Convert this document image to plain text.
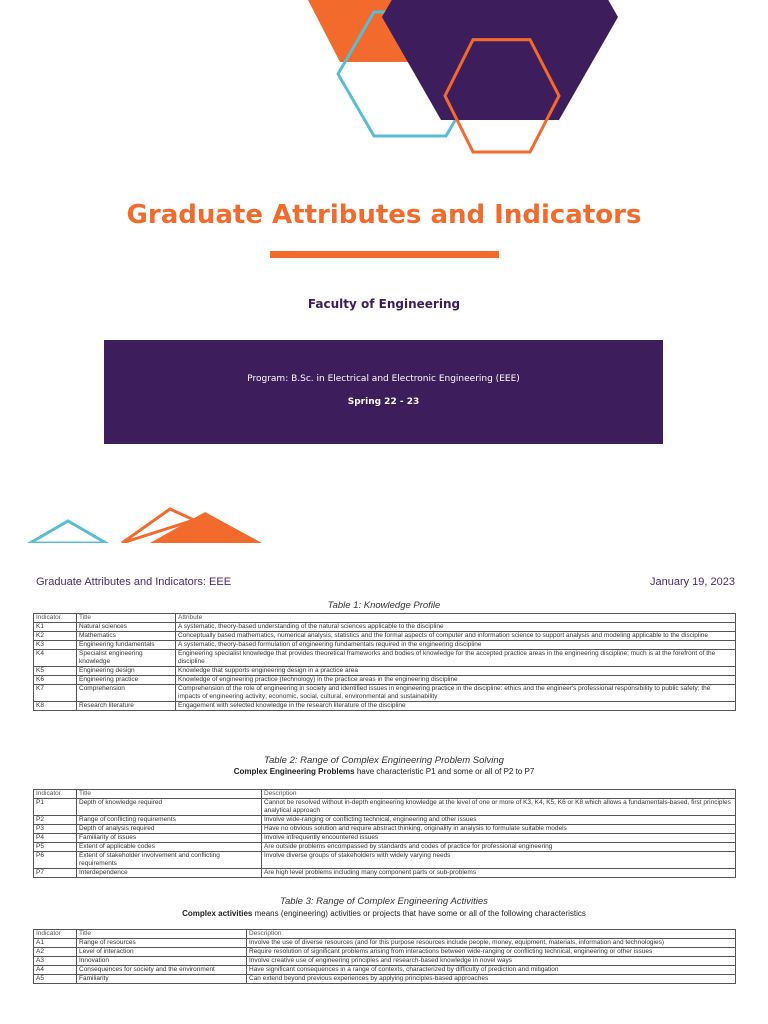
Graduate Attributes and Indicators
Faculty of Engineering
Program: B.Sc. in Electrical and Electronic Engineering (EEE)
Spring 22 - 23
Graduate Attributes and Indicators: EEE	January 19, 2023
Table 1: Knowledge Profile
Indicator	Title	Attribute
K1	Natural sciences	A systematic, theory-based understanding of the natural sciences applicable to the discipline
K2	Mathematics	Conceptually based mathematics, numerical analysis, statistics and the formal aspects of computer and information science to support analysis and modeling applicable to the discipline
K3	Engineering fundamentals	A systematic, theory-based formulation of engineering fundamentals required in the engineering discipline
K4	Specialist engineering knowledge	Engineering specialist knowledge that provides theoretical frameworks and bodies of knowledge for the accepted practice areas in the engineering discipline; much is at the forefront of the discipline
K5	Engineering design	Knowledge that supports engineering design in a practice area
K6	Engineering practice	Knowledge of engineering practice (technology) in the practice areas in the engineering discipline
K7	Comprehension	Comprehension of the role of engineering in society and identified issues in engineering practice in the discipline: ethics and the engineer's professional responsibility to public safety; the impacts of engineering activity; economic, social, cultural, environmental and sustainability
K8	Research literature	Engagement with selected knowledge in the research literature of the discipline
Table 2: Range of Complex Engineering Problem Solving
Complex Engineering Problems have characteristic P1 and some or all of P2 to P7
Indicator	Title	Description
P1	Depth of knowledge required	Cannot be resolved without in-depth engineering knowledge at the level of one or more of K3, K4, K5, K6 or K8 which allows a fundamentals-based, first principles analytical approach
P2	Range of conflicting requirements	Involve wide-ranging or conflicting technical, engineering and other issues
P3	Depth of analysis required	Have no obvious solution and require abstract thinking, originality in analysis to formulate suitable models
P4	Familiarity of issues	Involve infrequently encountered issues
P5	Extent of applicable codes	Are outside problems encompassed by standards and codes of practice for professional engineering
P6	Extent of stakeholder involvement and conflicting requirements	Involve diverse groups of stakeholders with widely varying needs
P7	Interdependence	Are high level problems including many component parts or sub-problems
Table 3: Range of Complex Engineering Activities
Complex activities means (engineering) activities or projects that have some or all of the following characteristics
Indicator	Title	Description
A1	Range of resources	Involve the use of diverse resources (and for this purpose resources include people, money, equipment, materials, information and technologies)
A2	Level of interaction	Require resolution of significant problems arising from interactions between wide-ranging or conflicting technical, engineering or other issues
A3	Innovation	Involve creative use of engineering principles and research-based knowledge in novel ways
A4	Consequences for society and the environment	Have significant consequences in a range of contexts, characterized by difficulty of prediction and mitigation
A5	Familiarity	Can extend beyond previous experiences by applying principles-based approaches
